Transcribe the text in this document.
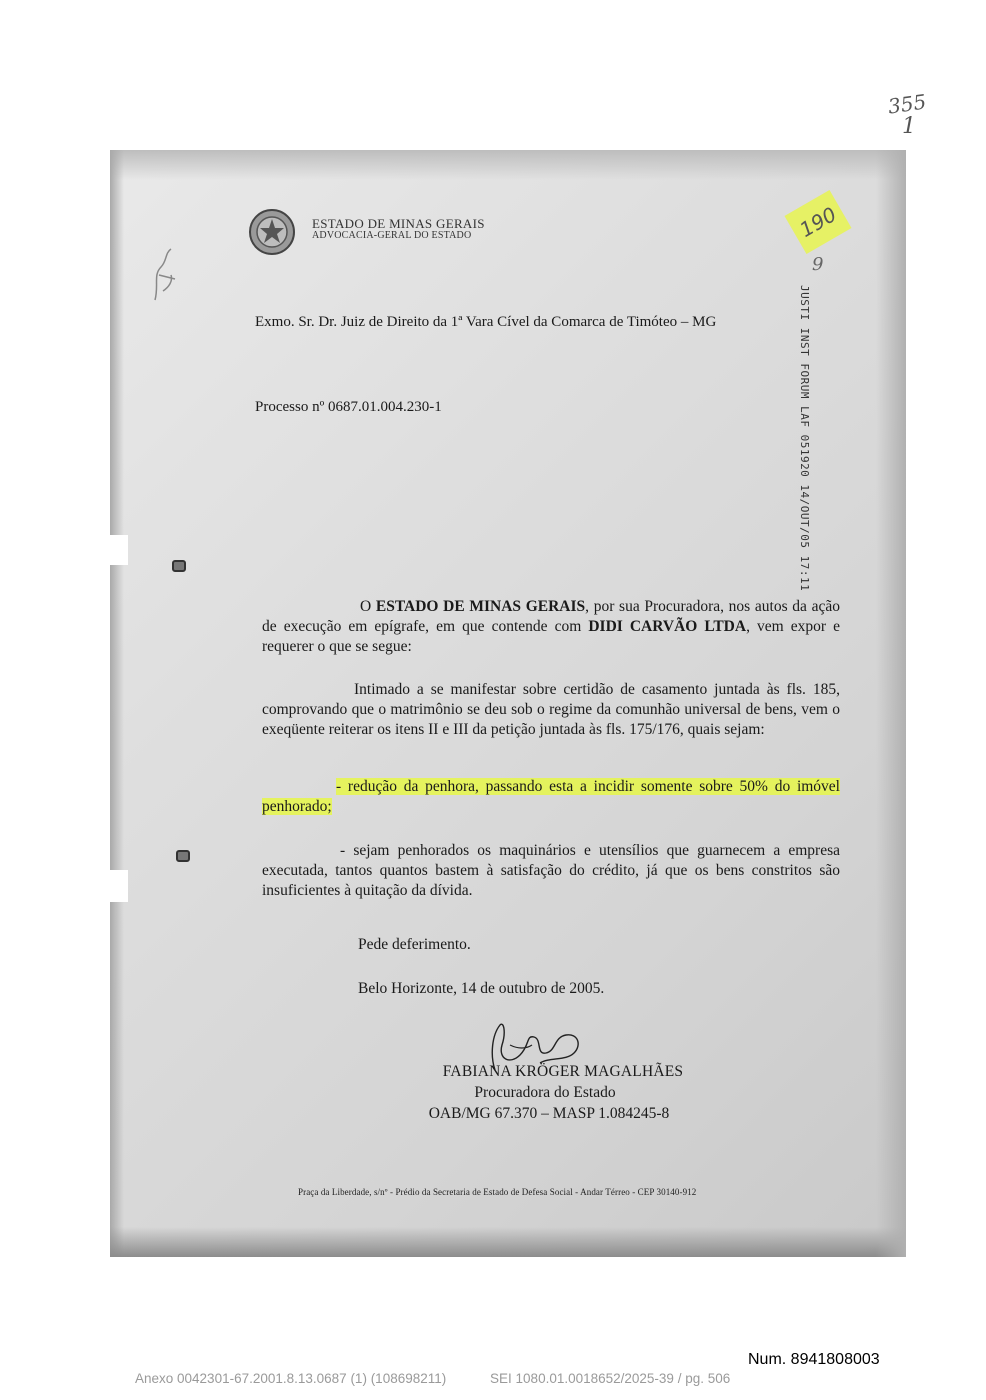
355
1
ESTADO DE MINAS GERAIS
ADVOCACIA-GERAL DO ESTADO	190
9
JUSTI INST FORUM LAF 051920 14/OUT/05 17:11
Exmo. Sr. Dr. Juiz de Direito da 1ª Vara Cível da Comarca de Timóteo – MG
Processo nº 0687.01.004.230-1
O ESTADO DE MINAS GERAIS, por sua Procuradora, nos autos da ação de execução em epígrafe, em que contende com DIDI CARVÃO LTDA, vem expor e requerer o que se segue:
Intimado a se manifestar sobre certidão de casamento juntada às fls. 185, comprovando que o matrimônio se deu sob o regime da comunhão universal de bens, vem o exeqüente reiterar os itens II e III da petição juntada às fls. 175/176, quais sejam:
- redução da penhora, passando esta a incidir somente sobre 50% do imóvel penhorado;
- sejam penhorados os maquinários e utensílios que guarnecem a empresa executada, tantos quantos bastem à satisfação do crédito, já que os bens constritos são insuficientes à quitação da dívida.
Pede deferimento.
Belo Horizonte, 14 de outubro de 2005.
FABIANA KRÖGER MAGALHÃES
Procuradora do Estado
OAB/MG 67.370 – MASP 1.084245-8
Praça da Liberdade, s/nº - Prédio da Secretaria de Estado de Defesa Social - Andar Térreo - CEP 30140-912
Num. 8941808003
Anexo 0042301-67.2001.8.13.0687 (1) (108698211)	SEI 1080.01.0018652/2025-39 / pg. 506
